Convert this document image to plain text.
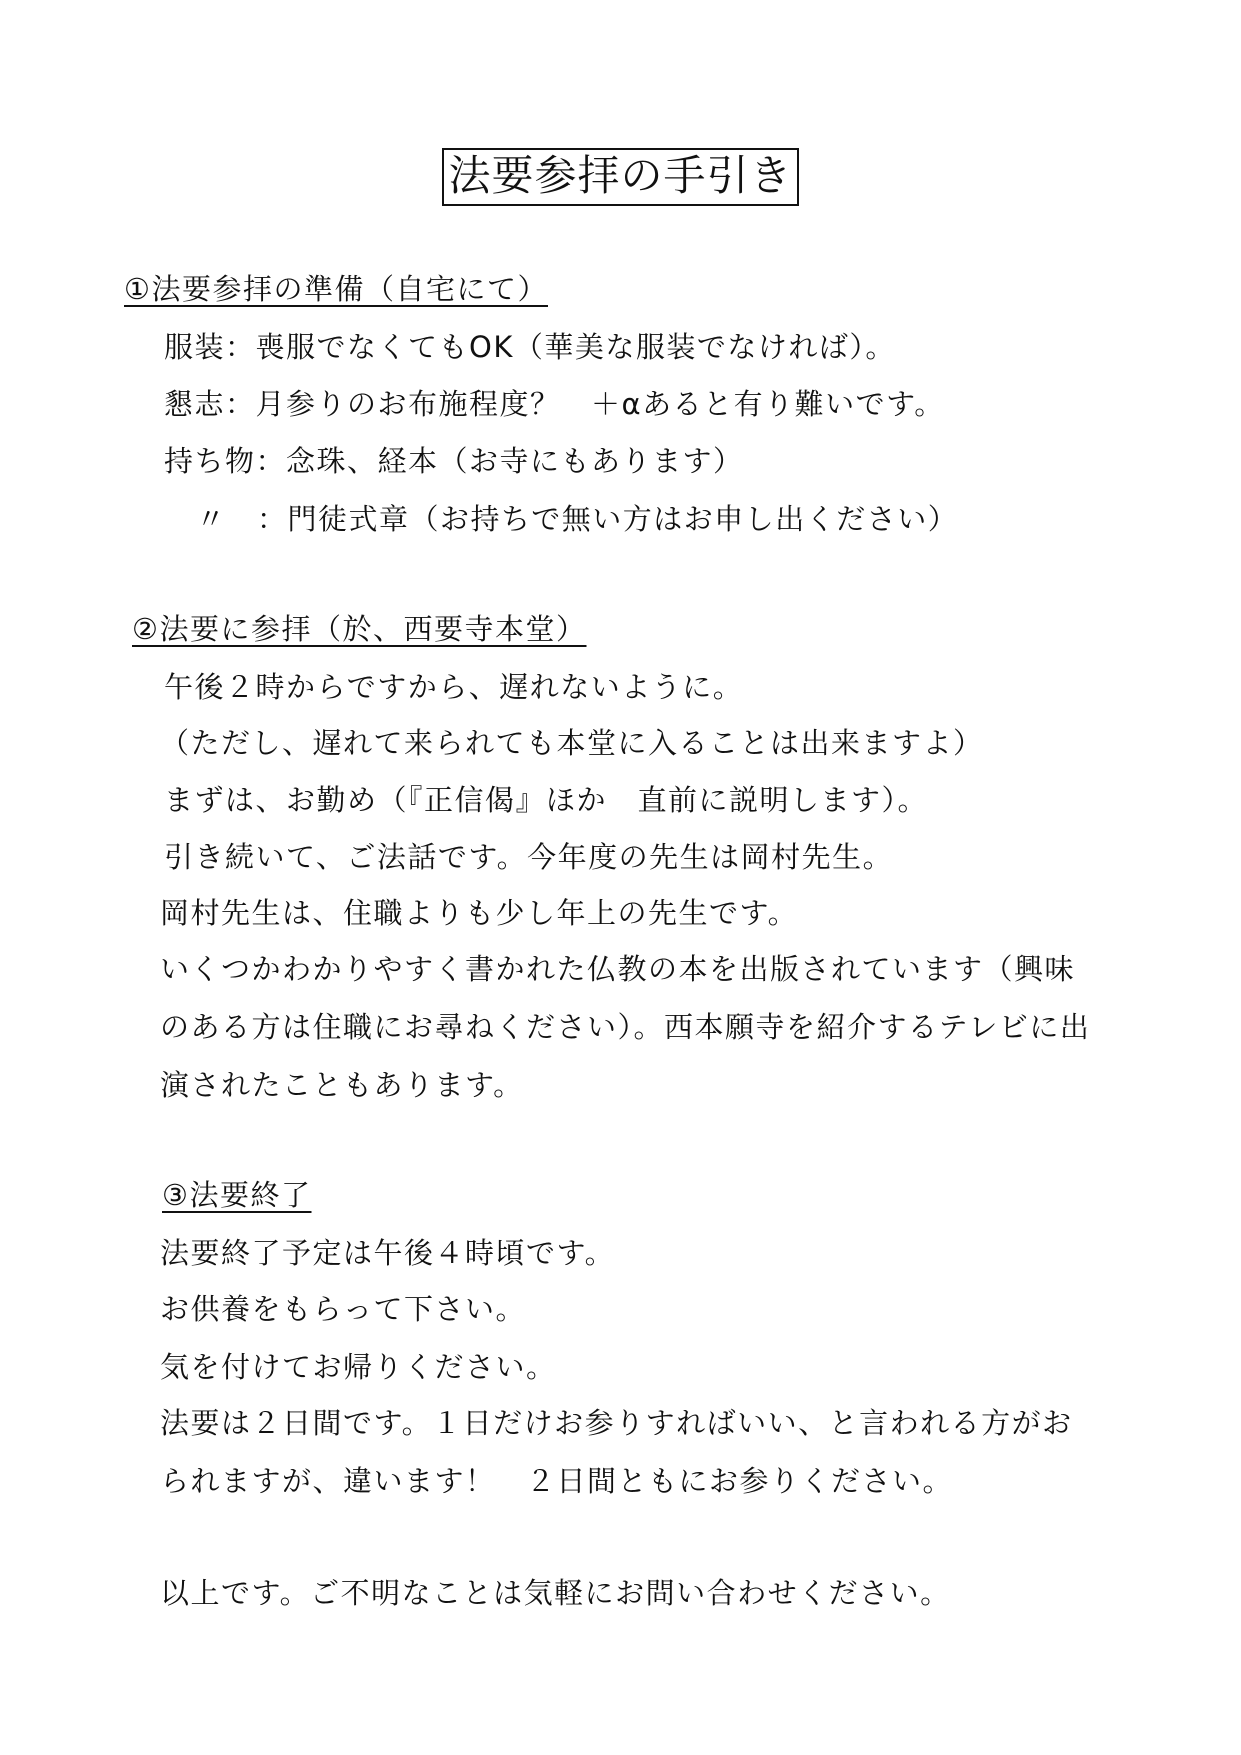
法要参拝の手引き
①法要参拝の準備（自宅にて）
服装：喪服でなくてもOK（華美な服装でなければ）。
懇志：月参りのお布施程度？　＋αあると有り難いです。
持ち物：念珠、経本（お寺にもあります）
〃　：門徒式章（お持ちで無い方はお申し出ください）
②法要に参拝（於、西要寺本堂）
午後２時からですから、遅れないように。
（ただし、遅れて来られても本堂に入ることは出来ますよ）
まずは、お勤め（『正信偈』ほか　直前に説明します）。
引き続いて、ご法話です。今年度の先生は岡村先生。
岡村先生は、住職よりも少し年上の先生です。
いくつかわかりやすく書かれた仏教の本を出版されています（興味
のある方は住職にお尋ねください）。西本願寺を紹介するテレビに出
演されたこともあります。
③法要終了
法要終了予定は午後４時頃です。
お供養をもらって下さい。
気を付けてお帰りください。
法要は２日間です。１日だけお参りすればいい、と言われる方がお
られますが、違います！　２日間ともにお参りください。
以上です。ご不明なことは気軽にお問い合わせください。
